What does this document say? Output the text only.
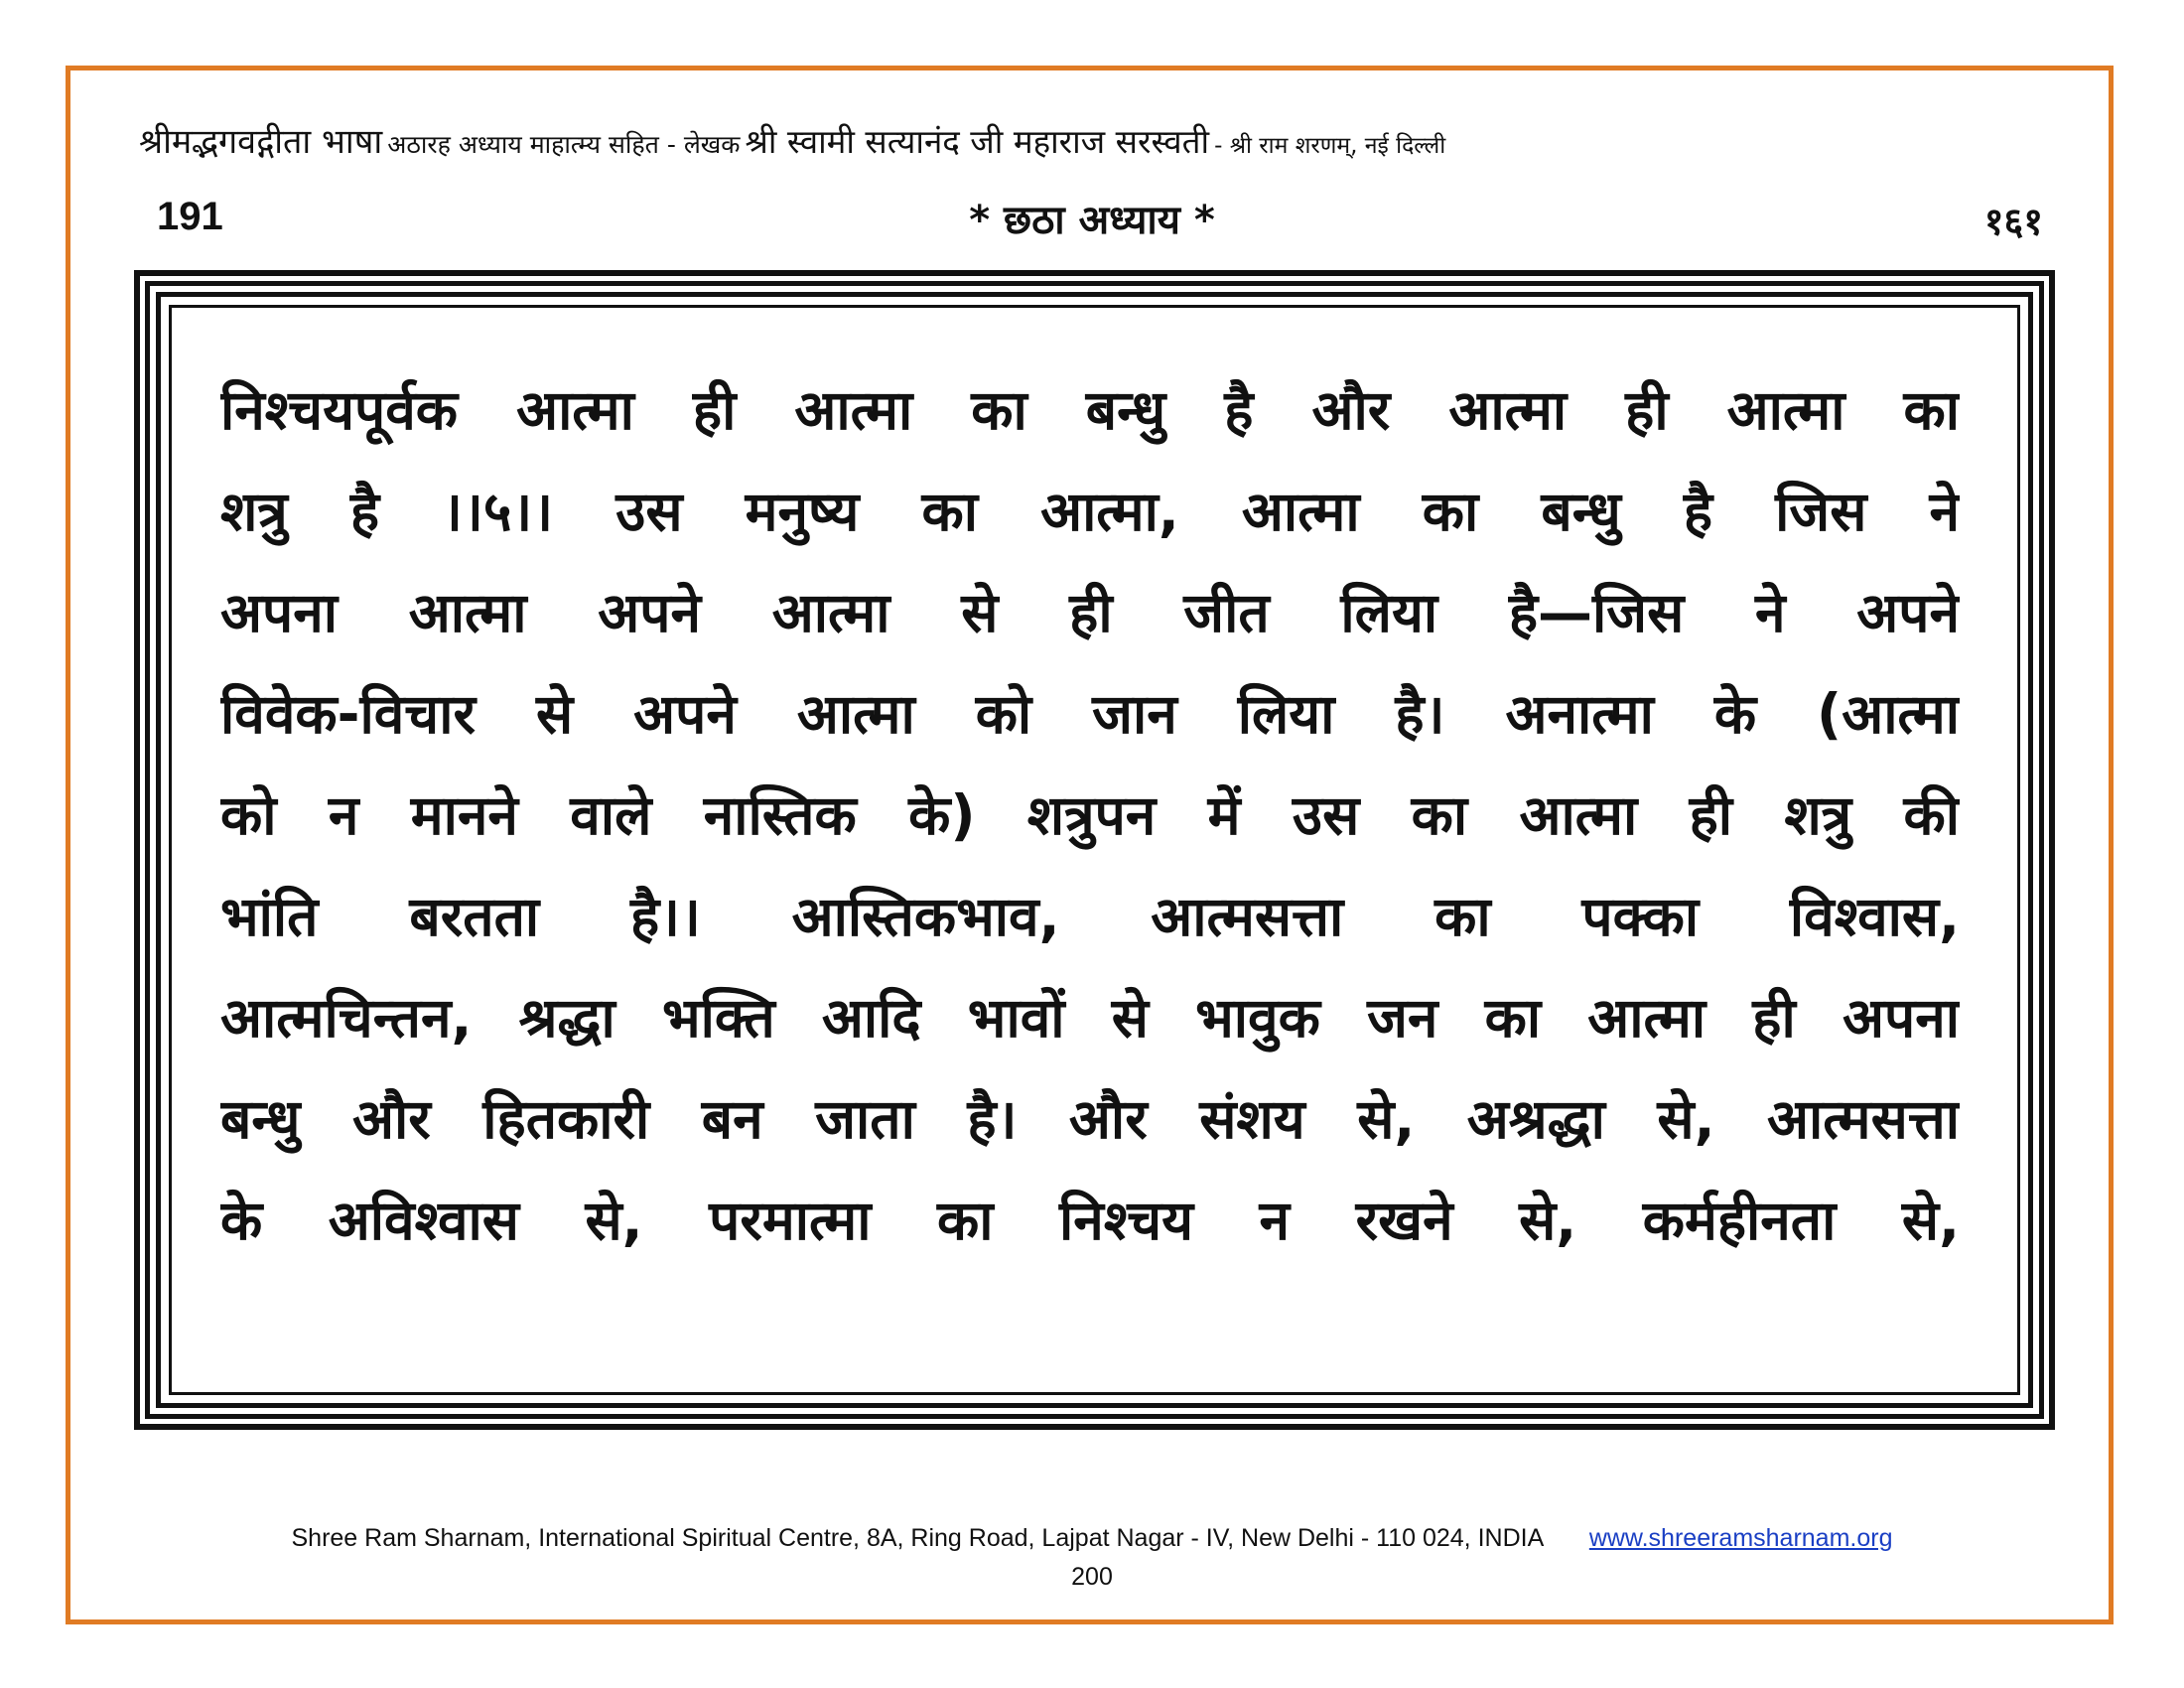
श्रीमद्भगवद्गीता भाषा अठारह अध्याय माहात्म्य सहित - लेखक श्री स्वामी सत्यानंद जी महाराज सरस्वती - श्री राम शरणम्, नई दिल्ली
191	* छठा अध्याय *	१६१
निश्चयपूर्वक आत्मा ही आत्मा का बन्धु है और आत्मा ही आत्मा का
शत्रु है ।।५।। उस मनुष्य का आत्मा, आत्मा का बन्धु है जिस ने
अपना आत्मा अपने आत्मा से ही जीत लिया है—जिस ने अपने
विवेक-विचार से अपने आत्मा को जान लिया है। अनात्मा के (आत्मा
को न मानने वाले नास्तिक के) शत्रुपन में उस का आत्मा ही शत्रु की
भांति बरतता है।। आस्तिकभाव, आत्मसत्ता का पक्का विश्वास,
आत्मचिन्तन, श्रद्धा भक्ति आदि भावों से भावुक जन का आत्मा ही अपना
बन्धु और हितकारी बन जाता है। और संशय से, अश्रद्धा से, आत्मसत्ता
के अविश्वास से, परमात्मा का निश्चय न रखने से, कर्महीनता से,
Shree Ram Sharnam, International Spiritual Centre, 8A, Ring Road, Lajpat Nagar - IV, New Delhi - 110 024, INDIA www.shreeramsharnam.org
200
